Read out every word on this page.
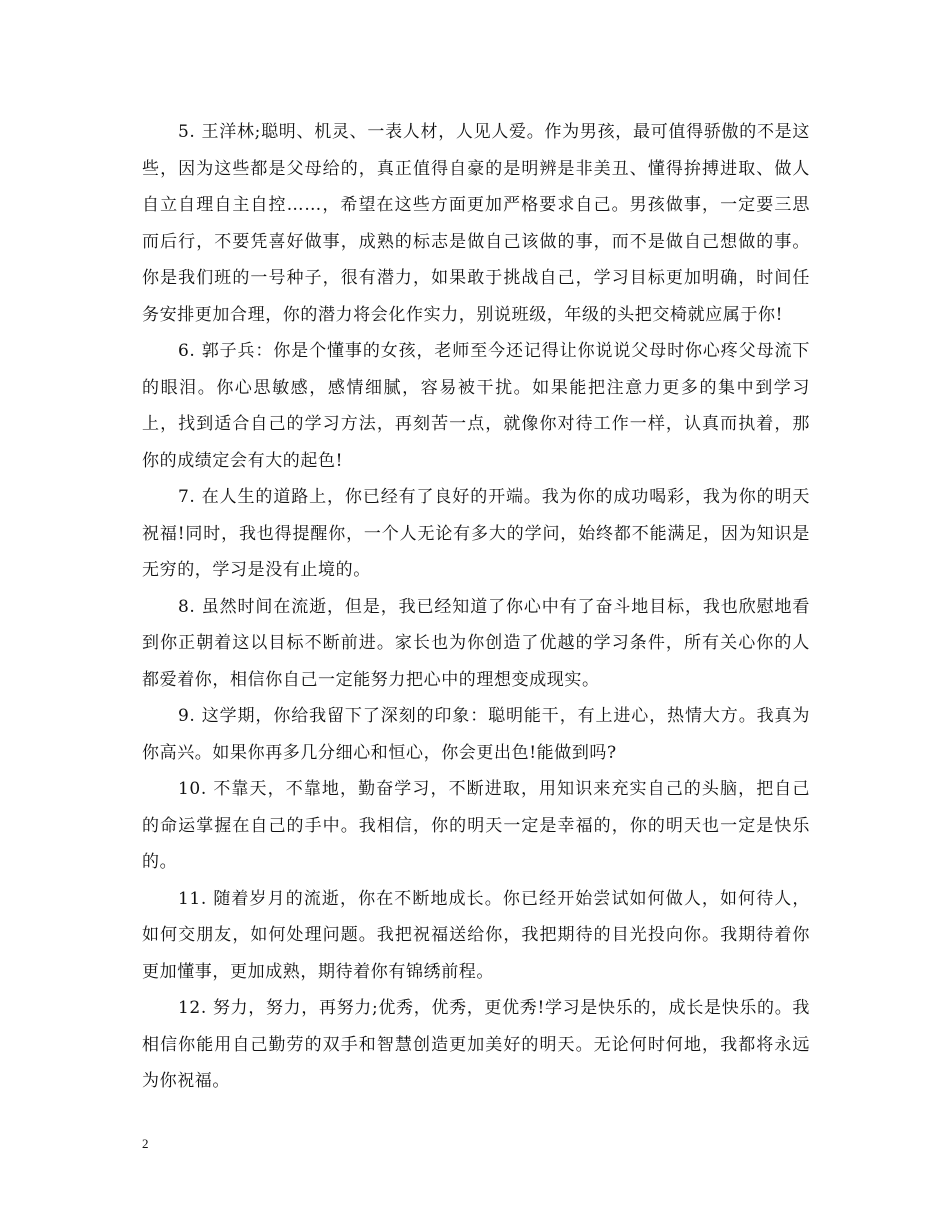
5. 王洋林;聪明、机灵、一表人材，人见人爱。作为男孩，最可值得骄傲的不是这些，因为这些都是父母给的，真正值得自豪的是明辨是非美丑、懂得拚搏进取、做人自立自理自主自控……，希望在这些方面更加严格要求自己。男孩做事，一定要三思而后行，不要凭喜好做事，成熟的标志是做自己该做的事，而不是做自己想做的事。你是我们班的一号种子，很有潜力，如果敢于挑战自己，学习目标更加明确，时间任务安排更加合理，你的潜力将会化作实力，别说班级，年级的头把交椅就应属于你!

6. 郭子兵：你是个懂事的女孩，老师至今还记得让你说说父母时你心疼父母流下的眼泪。你心思敏感，感情细腻，容易被干扰。如果能把注意力更多的集中到学习上，找到适合自己的学习方法，再刻苦一点，就像你对待工作一样，认真而执着，那你的成绩定会有大的起色!

7. 在人生的道路上，你已经有了良好的开端。我为你的成功喝彩，我为你的明天祝福!同时，我也得提醒你，一个人无论有多大的学问，始终都不能满足，因为知识是无穷的，学习是没有止境的。

8. 虽然时间在流逝，但是，我已经知道了你心中有了奋斗地目标，我也欣慰地看到你正朝着这以目标不断前进。家长也为你创造了优越的学习条件，所有关心你的人都爱着你，相信你自己一定能努力把心中的理想变成现实。

9. 这学期，你给我留下了深刻的印象：聪明能干，有上进心，热情大方。我真为你高兴。如果你再多几分细心和恒心，你会更出色!能做到吗?

10. 不靠天，不靠地，勤奋学习，不断进取，用知识来充实自己的头脑，把自己的命运掌握在自己的手中。我相信，你的明天一定是幸福的，你的明天也一定是快乐的。

11. 随着岁月的流逝，你在不断地成长。你已经开始尝试如何做人，如何待人，如何交朋友，如何处理问题。我把祝福送给你，我把期待的目光投向你。我期待着你更加懂事，更加成熟，期待着你有锦绣前程。

12. 努力，努力，再努力;优秀，优秀，更优秀!学习是快乐的，成长是快乐的。我相信你能用自己勤劳的双手和智慧创造更加美好的明天。无论何时何地，我都将永远为你祝福。

2
